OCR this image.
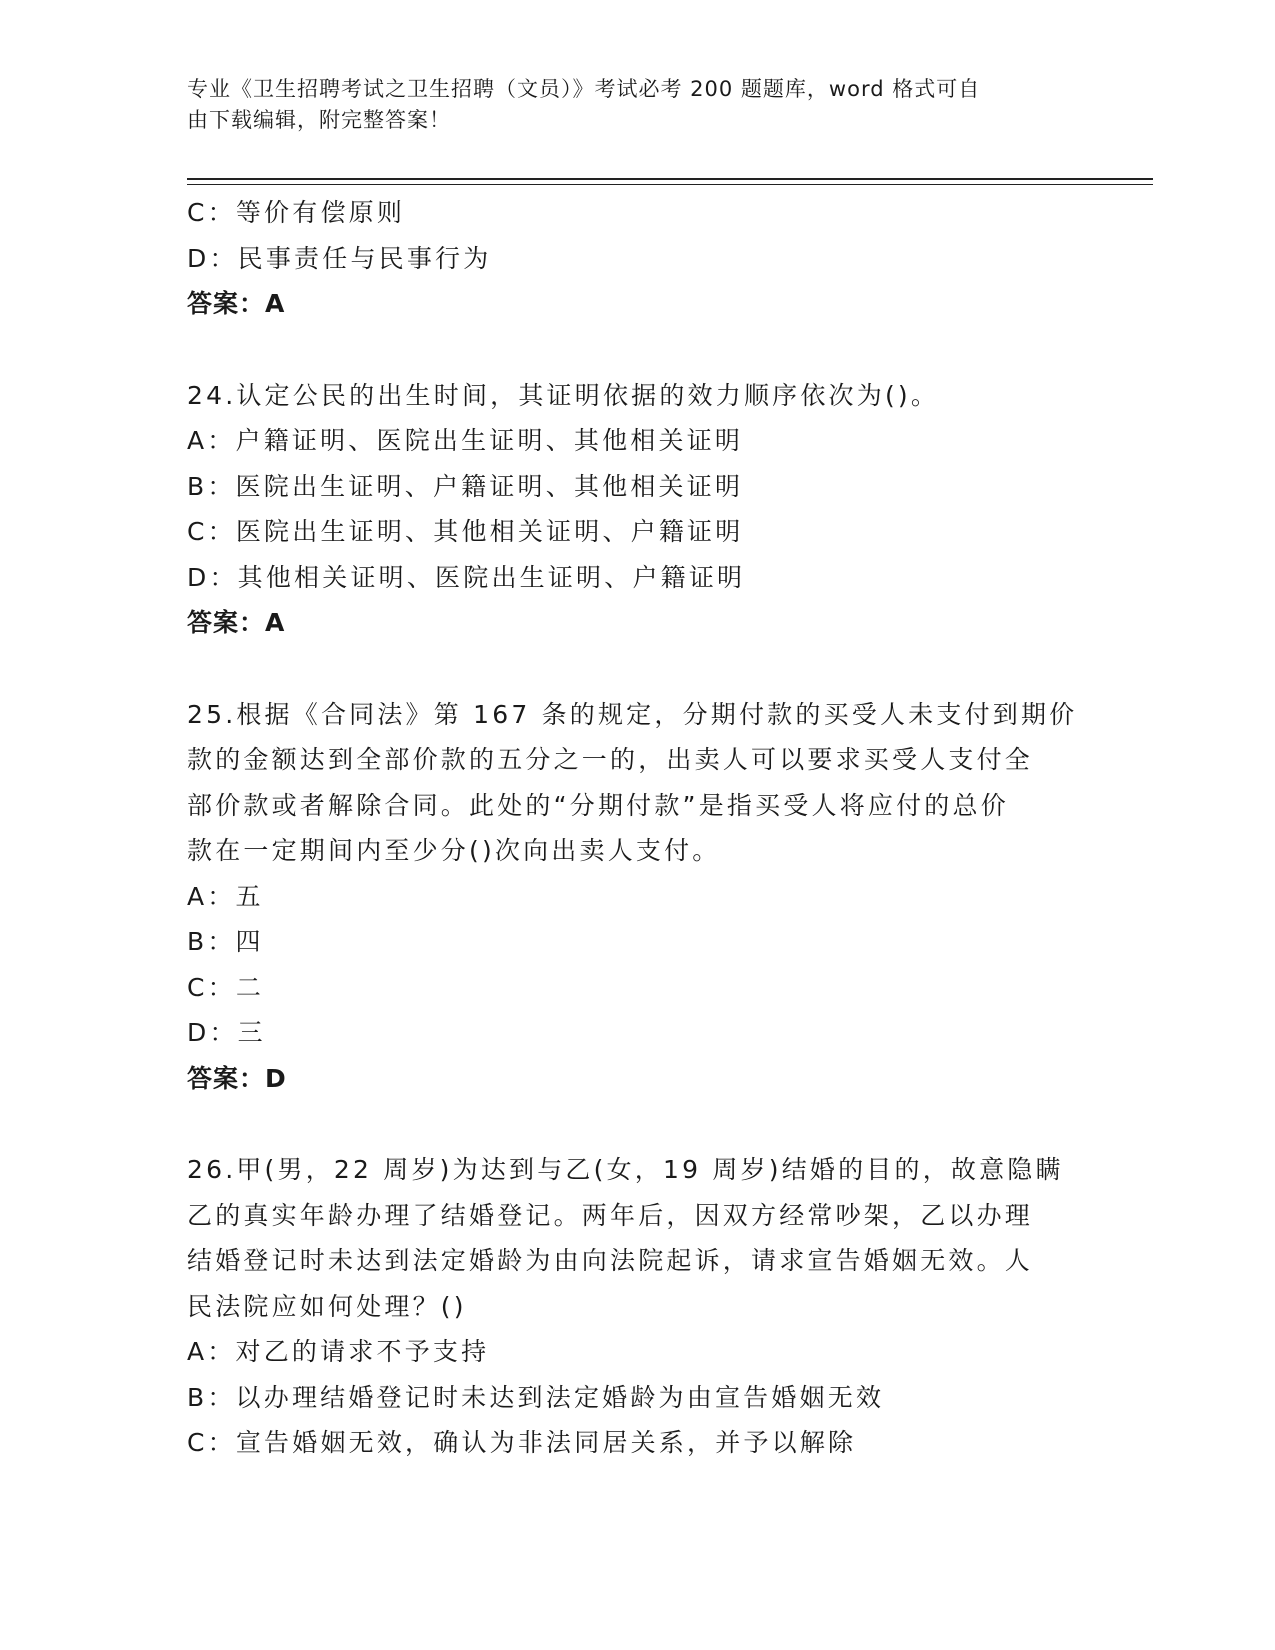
专业《卫生招聘考试之卫生招聘（文员）》考试必考 200 题题库，word 格式可自
由下载编辑，附完整答案！
C：等价有偿原则
D：民事责任与民事行为
答案：A
24.认定公民的出生时间，其证明依据的效力顺序依次为()。
A：户籍证明、医院出生证明、其他相关证明
B：医院出生证明、户籍证明、其他相关证明
C：医院出生证明、其他相关证明、户籍证明
D：其他相关证明、医院出生证明、户籍证明
答案：A
25.根据《合同法》第 167 条的规定，分期付款的买受人未支付到期价
款的金额达到全部价款的五分之一的，出卖人可以要求买受人支付全
部价款或者解除合同。此处的“分期付款”是指买受人将应付的总价
款在一定期间内至少分()次向出卖人支付。
A：五
B：四
C：二
D：三
答案：D
26.甲(男，22 周岁)为达到与乙(女，19 周岁)结婚的目的，故意隐瞒
乙的真实年龄办理了结婚登记。两年后，因双方经常吵架，乙以办理
结婚登记时未达到法定婚龄为由向法院起诉，请求宣告婚姻无效。人
民法院应如何处理？()
A：对乙的请求不予支持
B：以办理结婚登记时未达到法定婚龄为由宣告婚姻无效
C：宣告婚姻无效，确认为非法同居关系，并予以解除
